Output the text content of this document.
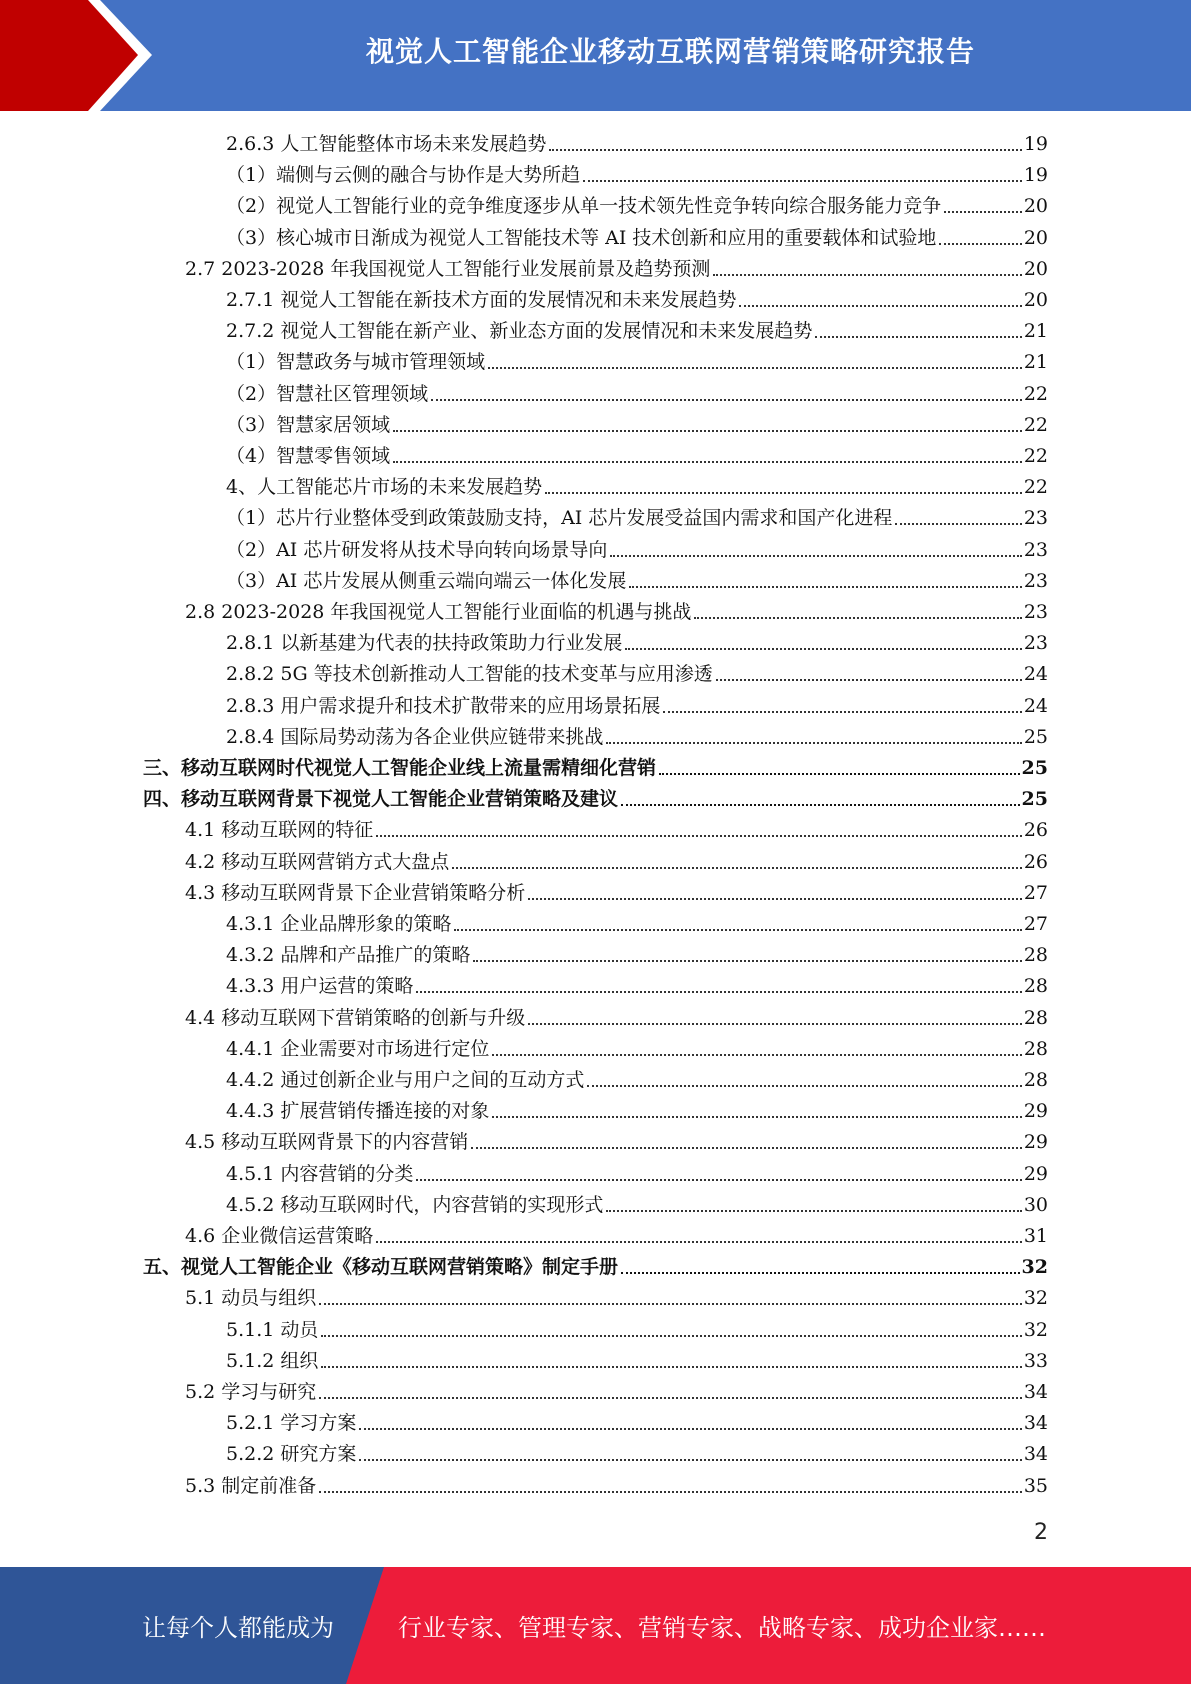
视觉人工智能企业移动互联网营销策略研究报告
2.6.3 人工智能整体市场未来发展趋势	19
（1）端侧与云侧的融合与协作是大势所趋	19
（2）视觉人工智能行业的竞争维度逐步从单一技术领先性竞争转向综合服务能力竞争	20
（3）核心城市日渐成为视觉人工智能技术等 AI 技术创新和应用的重要载体和试验地	20
2.7 2023-2028 年我国视觉人工智能行业发展前景及趋势预测	20
2.7.1 视觉人工智能在新技术方面的发展情况和未来发展趋势	20
2.7.2 视觉人工智能在新产业、新业态方面的发展情况和未来发展趋势	21
（1）智慧政务与城市管理领域	21
（2）智慧社区管理领域	22
（3）智慧家居领域	22
（4）智慧零售领域	22
4、人工智能芯片市场的未来发展趋势	22
（1）芯片行业整体受到政策鼓励支持，AI 芯片发展受益国内需求和国产化进程	23
（2）AI 芯片研发将从技术导向转向场景导向	23
（3）AI 芯片发展从侧重云端向端云一体化发展	23
2.8 2023-2028 年我国视觉人工智能行业面临的机遇与挑战	23
2.8.1 以新基建为代表的扶持政策助力行业发展	23
2.8.2 5G 等技术创新推动人工智能的技术变革与应用渗透	24
2.8.3 用户需求提升和技术扩散带来的应用场景拓展	24
2.8.4 国际局势动荡为各企业供应链带来挑战	25
三、移动互联网时代视觉人工智能企业线上流量需精细化营销	25
四、移动互联网背景下视觉人工智能企业营销策略及建议	25
4.1 移动互联网的特征	26
4.2 移动互联网营销方式大盘点	26
4.3 移动互联网背景下企业营销策略分析	27
4.3.1 企业品牌形象的策略	27
4.3.2 品牌和产品推广的策略	28
4.3.3 用户运营的策略	28
4.4 移动互联网下营销策略的创新与升级	28
4.4.1 企业需要对市场进行定位	28
4.4.2 通过创新企业与用户之间的互动方式	28
4.4.3 扩展营销传播连接的对象	29
4.5 移动互联网背景下的内容营销	29
4.5.1 内容营销的分类	29
4.5.2 移动互联网时代，内容营销的实现形式	30
4.6 企业微信运营策略	31
五、视觉人工智能企业《移动互联网营销策略》制定手册	32
5.1 动员与组织	32
5.1.1 动员	32
5.1.2 组织	33
5.2 学习与研究	34
5.2.1 学习方案	34
5.2.2 研究方案	34
5.3 制定前准备	35
2
让每个人都能成为	行业专家、管理专家、营销专家、战略专家、成功企业家……
